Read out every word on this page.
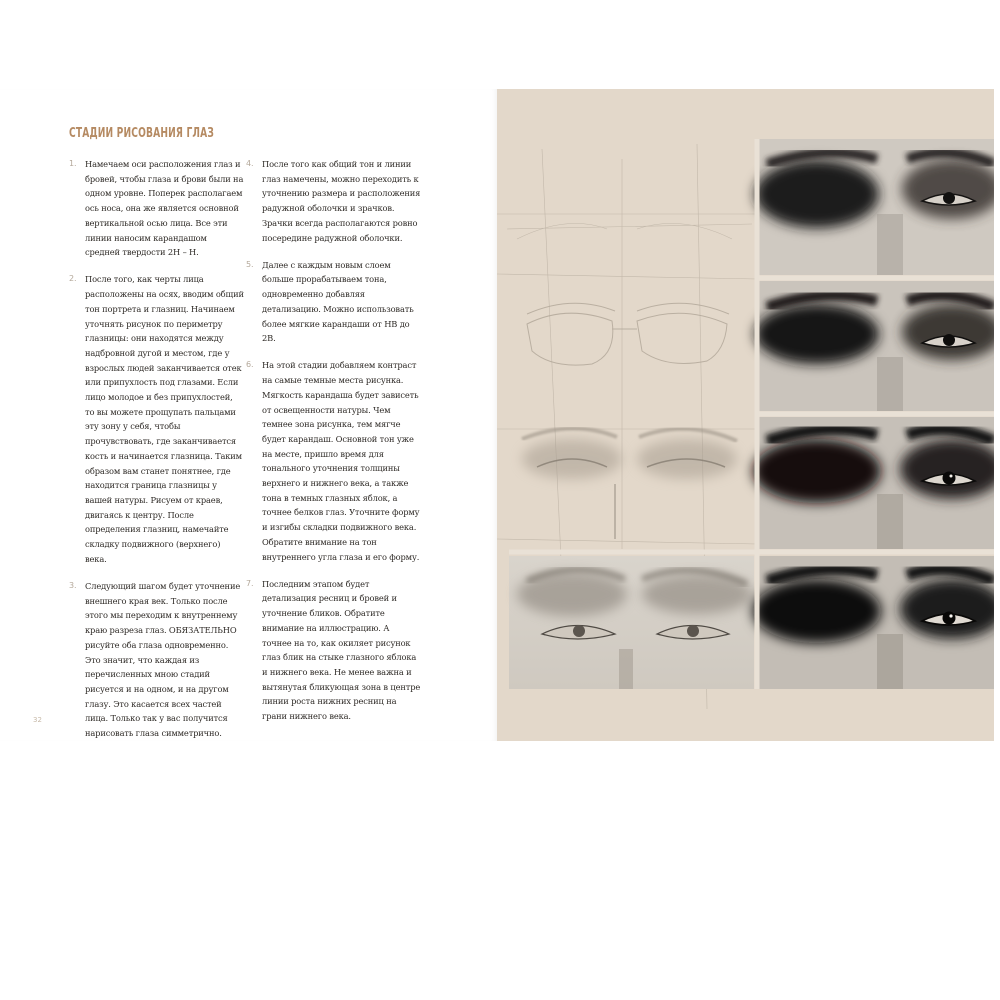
СТАДИИ РИСОВАНИЯ ГЛАЗ
1. Намечаем оси расположения глаз и бровей, чтобы глаза и брови были на одном уровне. Поперек располагаем ось носа, она же является основной вертикальной осью лица. Все эти линии наносим карандашом средней твердости 2H – H.
2. После того, как черты лица расположены на осях, вводим общий тон портрета и глазниц. Начинаем уточнять рисунок по периметру глазницы: они находятся между надбровной дугой и местом, где у взрослых людей заканчивается отек или припухлость под глазами. Если лицо молодое и без припухлостей, то вы можете прощупать пальцами эту зону у себя, чтобы прочувствовать, где заканчивается кость и начинается глазница. Таким образом вам станет понятнее, где находится граница глазницы у вашей натуры. Рисуем от краев, двигаясь к центру. После определения глазниц, намечайте складку подвижного (верхнего) века.
3. Следующий шагом будет уточнение внешнего края век. Только после этого мы переходим к внутреннему краю разреза глаз. ОБЯЗАТЕЛЬНО рисуйте оба глаза одновременно. Это значит, что каждая из перечисленных мною стадий рисуется и на одном, и на другом глазу. Это касается всех частей лица. Только так у вас получится нарисовать глаза симметрично.
4. После того как общий тон и линии глаз намечены, можно переходить к уточнению размера и расположения радужной оболочки и зрачков. Зрачки всегда располагаются ровно посередине радужной оболочки.
5. Далее с каждым новым слоем больше прорабатываем тона, одновременно добавляя детализацию. Можно использовать более мягкие карандаши от HB до 2B.
6. На этой стадии добавляем контраст на самые темные места рисунка. Мягкость карандаша будет зависеть от освещенности натуры. Чем темнее зона рисунка, тем мягче будет карандаш. Основной тон уже на месте, пришло время для тонального уточнения толщины верхнего и нижнего века, а также тона в темных глазных яблок, а точнее белков глаз. Уточните форму и изгибы складки подвижного века. Обратите внимание на тон внутреннего угла глаза и его форму.
7. Последним этапом будет детализация ресниц и бровей и уточнение бликов. Обратите внимание на иллюстрацию. А точнее на то, как окиляет рисунок глаз блик на стыке глазного яблока и нижнего века. Не менее важна и вытянутая бликующая зона в центре линии роста нижних ресниц на грани нижнего века.
32
